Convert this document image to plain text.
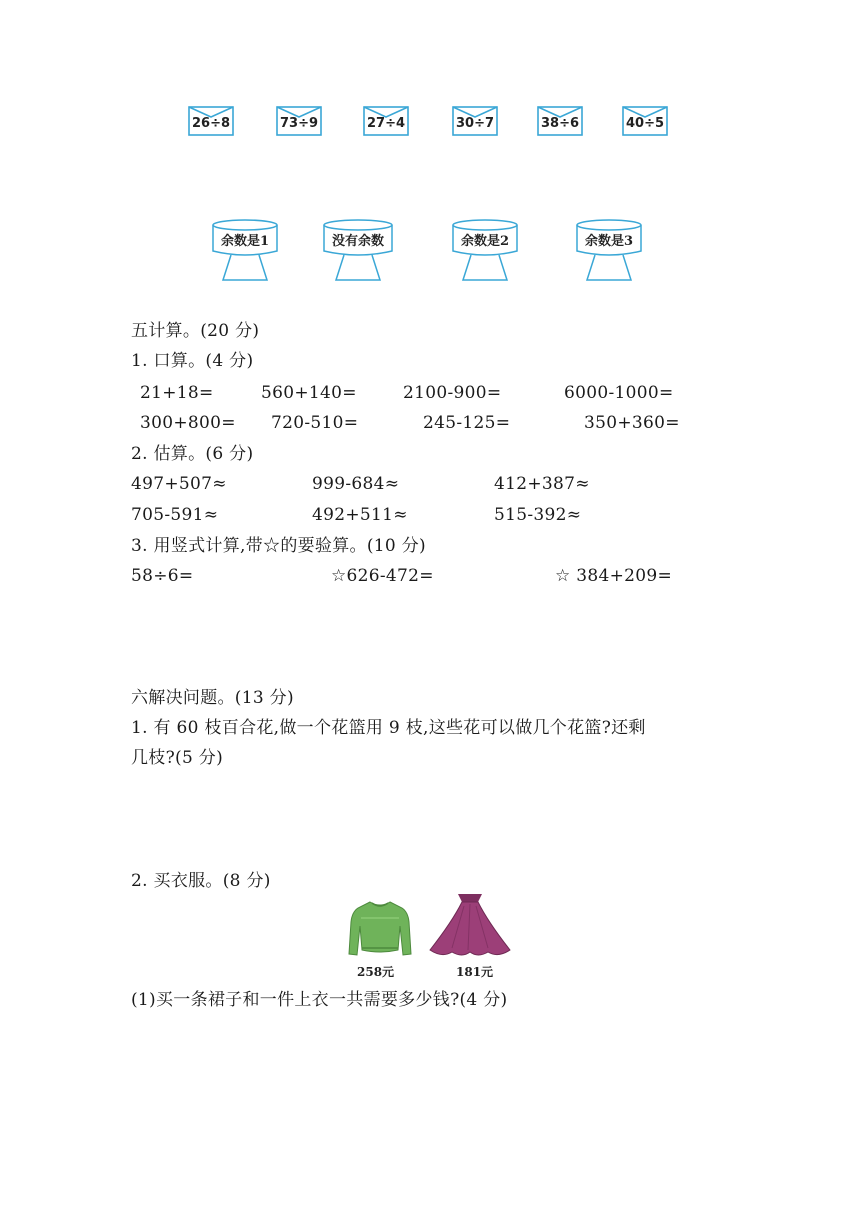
26÷8	73÷9	27÷4	30÷7	38÷6	40÷5
余数是1	没有余数	余数是2	余数是3
五计算。(20 分)
1. 口算。(4 分)
21+18=	560+140=	2100-900=	6000-1000=
300+800= 720-510=	245-125=	350+360=
2. 估算。(6 分)
497+507≈	999-684≈	412+387≈
705-591≈	492+511≈	515-392≈
3. 用竖式计算,带☆的要验算。(10 分)
58÷6=	☆626-472=	☆ 384+209=
六解决问题。(13 分)
1. 有 60 枝百合花,做一个花篮用 9 枝,这些花可以做几个花篮?还剩
几枝?(5 分)
2. 买衣服。(8 分)
258元	181元
(1)买一条裙子和一件上衣一共需要多少钱?(4 分)
